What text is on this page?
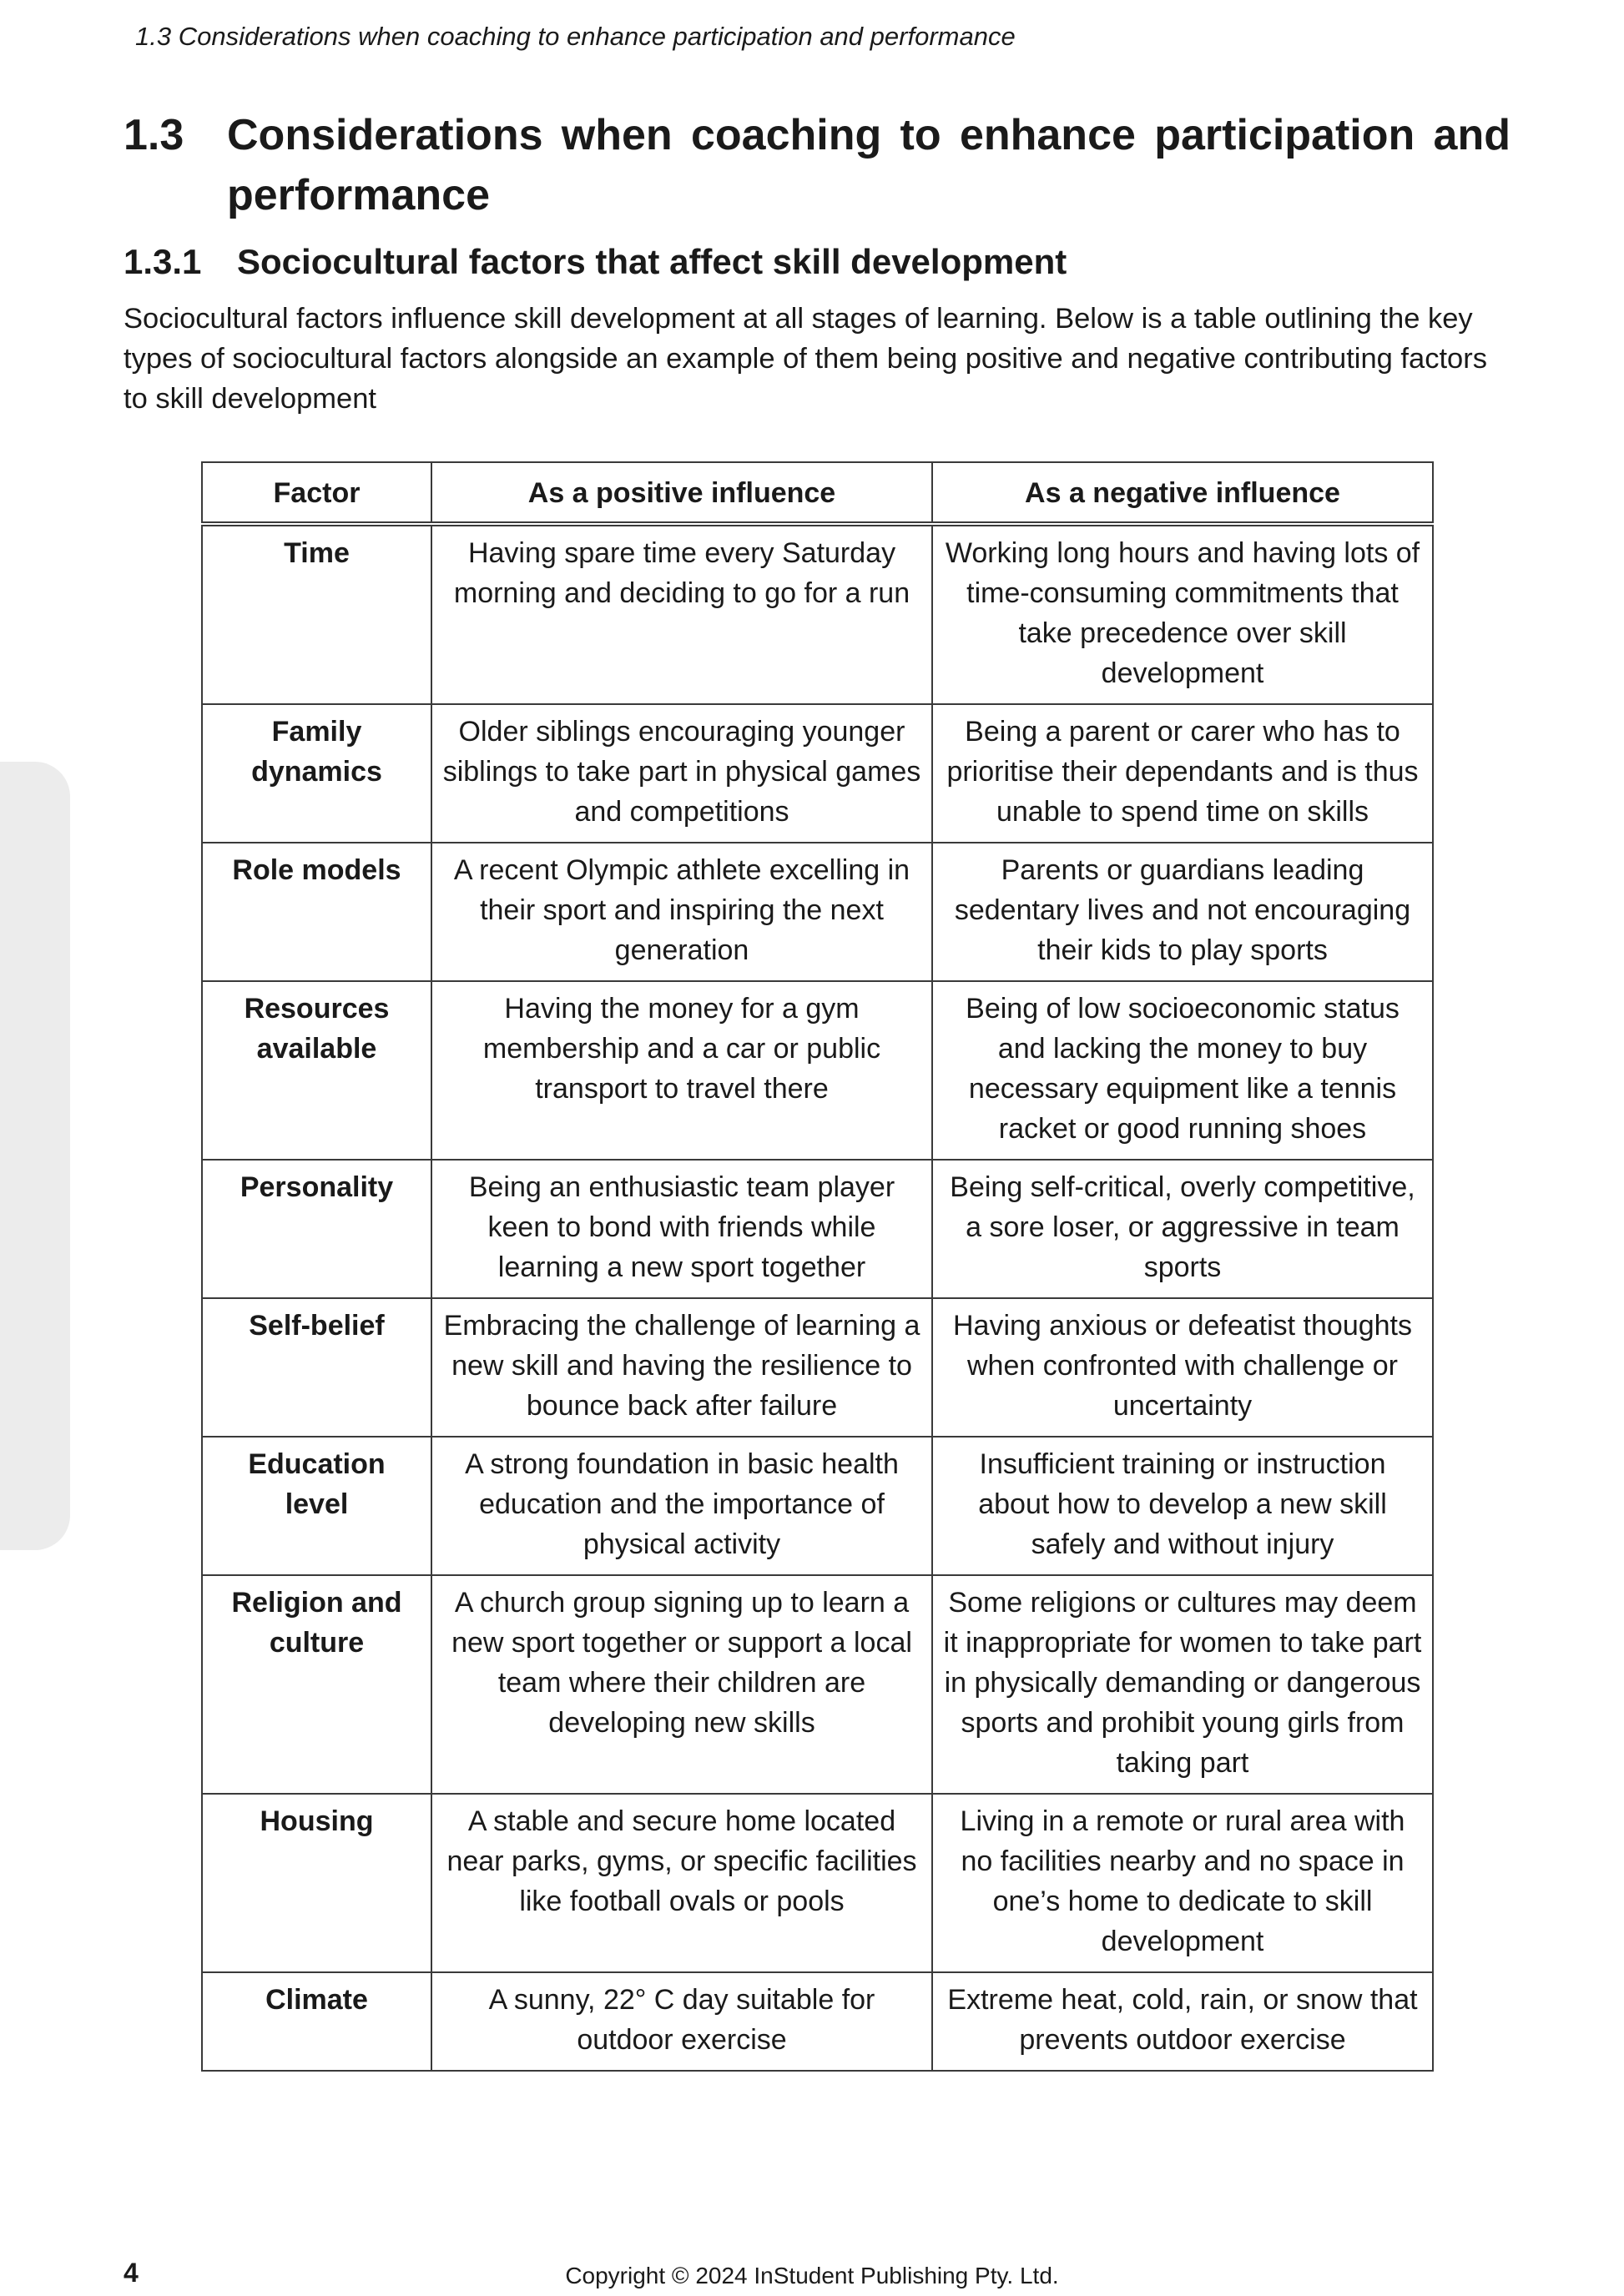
1.3 Considerations when coaching to enhance participation and performance
1.3 Considerations when coaching to enhance participation and performance
1.3.1	Sociocultural factors that affect skill development

Sociocultural factors influence skill development at all stages of learning. Below is a table outlining the key types of sociocultural factors alongside an example of them being positive and negative contributing factors to skill development

Factor	As a positive influence	As a negative influence

Time	Having spare time every Saturday morning and deciding to go for a run	Working long hours and having lots of time-consuming commitments that take precedence over skill development
Family dynamics	Older siblings encouraging younger siblings to take part in physical games and competitions	Being a parent or carer who has to prioritise their dependants and is thus unable to spend time on skills
Role models	A recent Olympic athlete excelling in their sport and inspiring the next generation	Parents or guardians leading sedentary lives and not encouraging their kids to play sports
Resources available	Having the money for a gym membership and a car or public transport to travel there	Being of low socioeconomic status and lacking the money to buy necessary equipment like a tennis racket or good running shoes
Personality	Being an enthusiastic team player keen to bond with friends while learning a new sport together	Being self-critical, overly competitive, a sore loser, or aggressive in team sports
Self-belief	Embracing the challenge of learning a new skill and having the resilience to bounce back after failure	Having anxious or defeatist thoughts when confronted with challenge or uncertainty
Education level	A strong foundation in basic health education and the importance of physical activity	Insufficient training or instruction about how to develop a new skill safely and without injury
Religion and culture	A church group signing up to learn a new sport together or support a local team where their children are developing new skills	Some religions or cultures may deem it inappropriate for women to take part in physically demanding or dangerous sports and prohibit young girls from taking part
Housing	A stable and secure home located near parks, gyms, or specific facilities like football ovals or pools	Living in a remote or rural area with no facilities nearby and no space in one’s home to dedicate to skill development
Climate	A sunny, 22° C day suitable for outdoor exercise	Extreme heat, cold, rain, or snow that prevents outdoor exercise
4	Copyright © 2024 InStudent Publishing Pty. Ltd.
